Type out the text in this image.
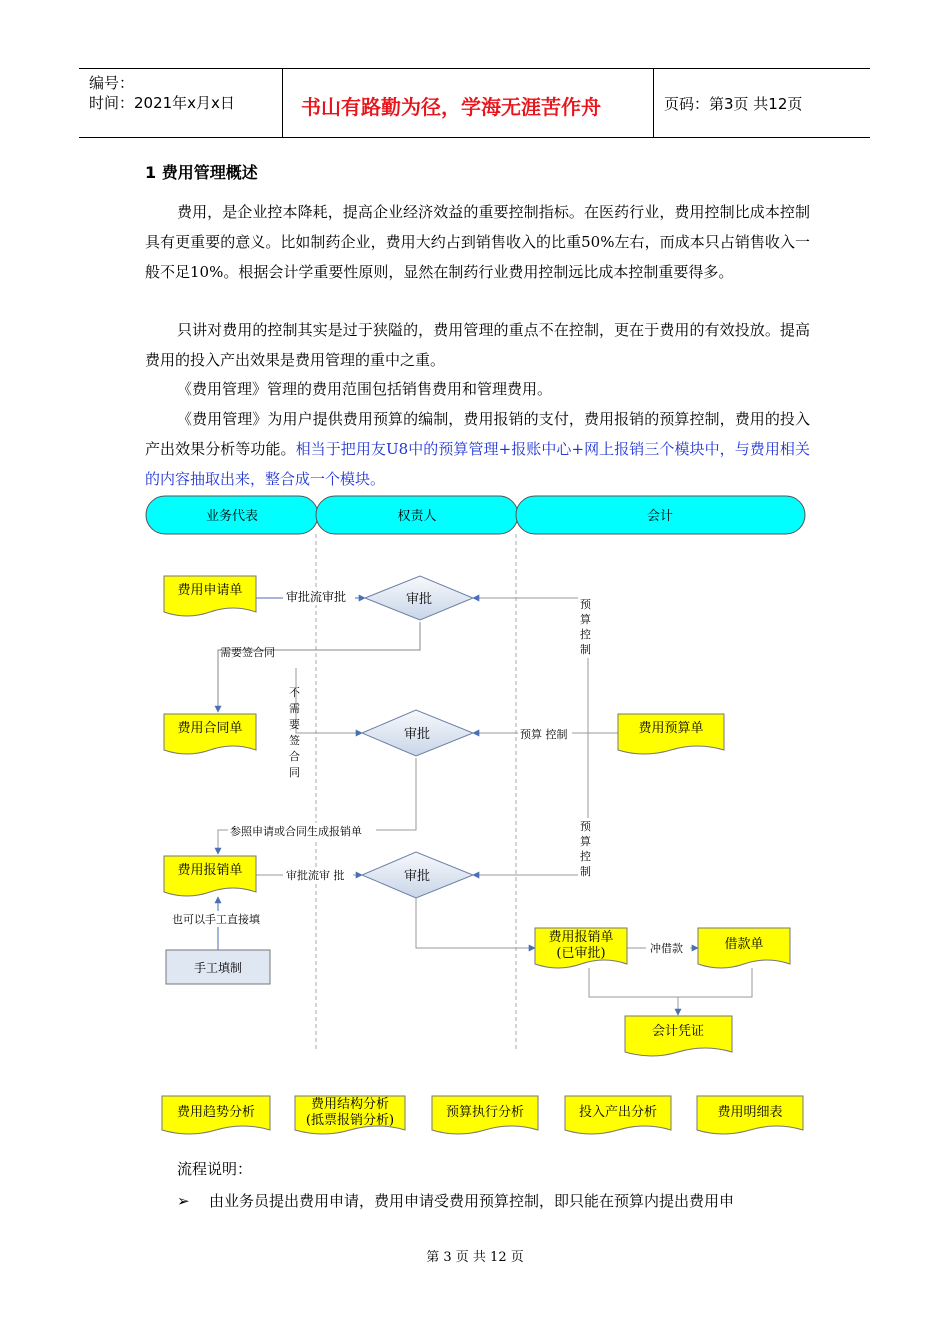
编号：
时间：2021年x月x日	书山有路勤为径，学海无涯苦作舟	页码：第3页 共12页
1 费用管理概述

费用，是企业控本降耗，提高企业经济效益的重要控制指标。在医药行业，费用控制比成本控制具有更重要的意义。比如制药企业，费用大约占到销售收入的比重50%左右，而成本只占销售收入一般不足10%。根据会计学重要性原则，显然在制药行业费用控制远比成本控制重要得多。

只讲对费用的控制其实是过于狭隘的，费用管理的重点不在控制，更在于费用的有效投放。提高费用的投入产出效果是费用管理的重中之重。

《费用管理》管理的费用范围包括销售费用和管理费用。

《费用管理》为用户提供费用预算的编制，费用报销的支付，费用报销的预算控制，费用的投入产出效果分析等功能。相当于把用友U8中的预算管理+报账中心+网上报销三个模块中，与费用相关的内容抽取出来，整合成一个模块。

业务代表	权责人	会计
审批流审批
需要签合同
不
需
要
签
合
同
预
算
控
制
预算 控制
参照申请或合同生成报销单	预
算
控
制
审批流审 批
也可以手工直接填
冲借款
费用申请单
费用合同单
费用报销单
费用预算单
费用报销单
(已审批)
借款单
会计凭证
审批
审批
审批
手工填制
费用趋势分析
费用结构分析
(抵票报销分析)
预算执行分析	投入产出分析	费用明细表
流程说明：
➢ 由业务员提出费用申请，费用申请受费用预算控制，即只能在预算内提出费用申
第 3 页 共 12 页
